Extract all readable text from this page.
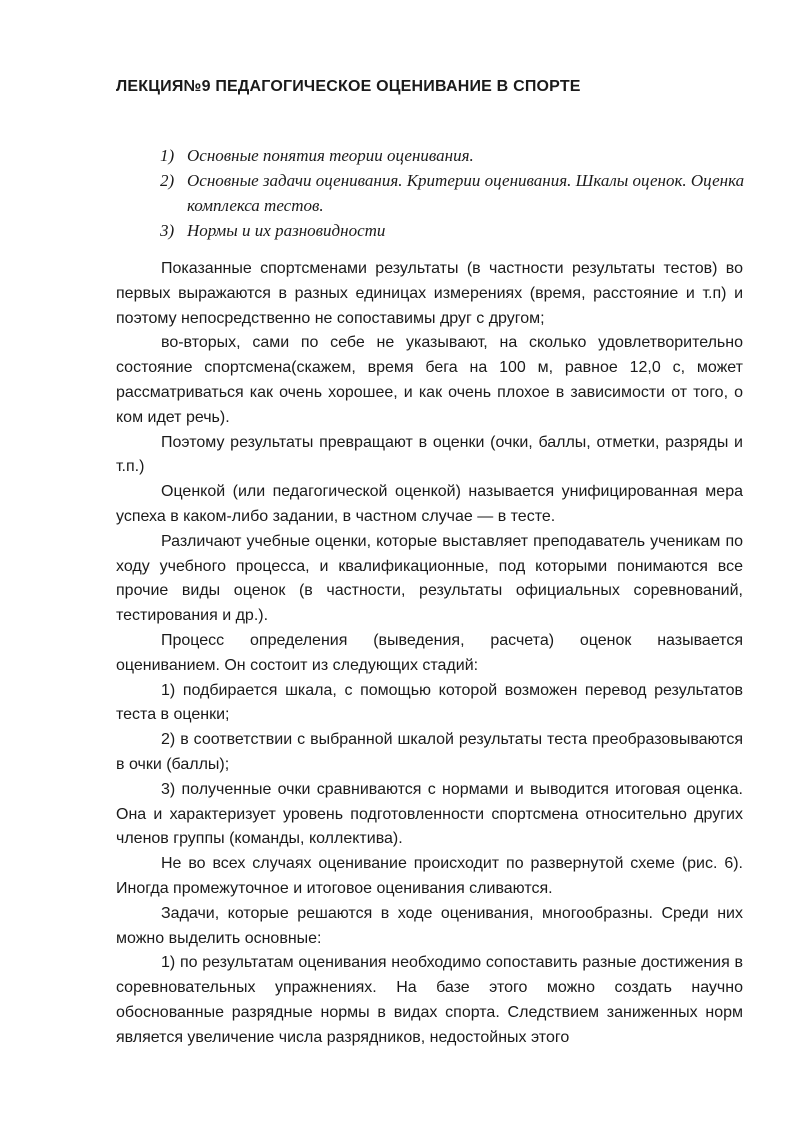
ЛЕКЦИЯ№9 ПЕДАГОГИЧЕСКОЕ ОЦЕНИВАНИЕ В СПОРТЕ
1) Основные понятия теории оценивания.
2) Основные задачи оценивания. Критерии оценивания. Шкалы оценок. Оценка комплекса тестов.
3) Нормы и их разновидности

Показанные спортсменами результаты (в частности результаты тестов) во первых выражаются в разных единицах измерениях (время, расстояние и т.п) и поэтому непосредственно не сопоставимы друг с другом;

во-вторых, сами по себе не указывают, на сколько удовлетворительно состояние спортсмена(скажем, время бега на 100 м, равное 12,0 с, может рассматриваться как очень хорошее, и как очень плохое в зависимости от того, о ком идет речь).

Поэтому результаты превращают в оценки (очки, баллы, отметки, разряды и т.п.)

Оценкой (или педагогической оценкой) называется унифицированная мера успеха в каком-либо задании, в частном случае — в тесте.

Различают учебные оценки, которые выставляет преподаватель ученикам по ходу учебного процесса, и квалификационные, под которыми понимаются все прочие виды оценок (в частности, результаты официальных соревнований, тестирования и др.).

Процесс определения (выведения, расчета) оценок называется оцениванием. Он состоит из следующих стадий:

1) подбирается шкала, с помощью которой возможен перевод результатов теста в оценки;

2) в соответствии с выбранной шкалой результаты теста преобразовываются в очки (баллы);

3) полученные очки сравниваются с нормами и выводится итоговая оценка. Она и характеризует уровень подготовленности спортсмена относительно других членов группы (команды, коллектива).

Не во всех случаях оценивание происходит по развернутой схеме (рис. 6). Иногда промежуточное и итоговое оценивания сливаются.

Задачи, которые решаются в ходе оценивания, многообразны. Среди них можно выделить основные:

1) по результатам оценивания необходимо сопоставить разные достижения в соревновательных упражнениях. На базе этого можно создать научно обоснованные разрядные нормы в видах спорта. Следствием заниженных норм является увеличение числа разрядников, недостойных этого
